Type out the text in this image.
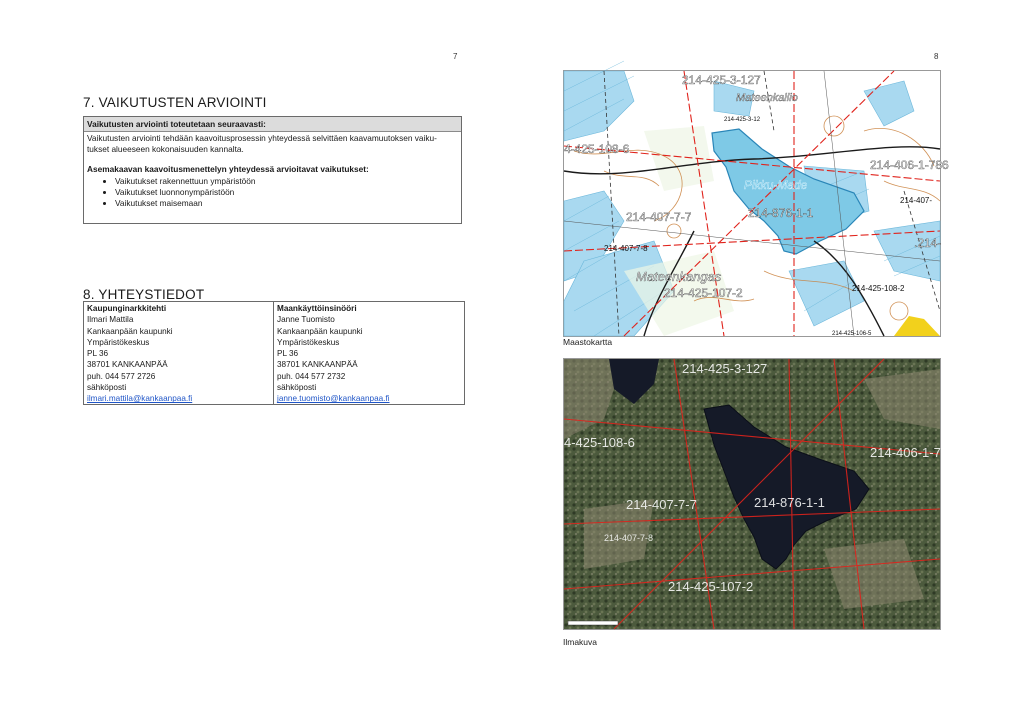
7	8
7. VAIKUTUSTEN ARVIOINTI
Vaikutusten arviointi toteutetaan seuraavasti:
Vaikutusten arviointi tehdään kaavoitusprosessin yhteydessä selvittäen kaavamuutoksen vaiku-
tukset alueeseen kokonaisuuden kannalta.
Asemakaavan kaavoitusmenettelyn yhteydessä arvioitavat vaikutukset:
• Vaikutukset rakennettuun ympäristöön
• Vaikutukset luonnonympäristöön
• Vaikutukset maisemaan
8. YHTEYSTIEDOT
Kaupunginarkkitehti
Ilmari Mattila
Kankaanpään kaupunki
Ympäristökeskus
PL 36
38701 KANKAANPÄÄ
puh. 044 577 2726
sähköposti
ilmari.mattila@kankaanpaa.fi
Maankäyttöinsinööri
Janne Tuomisto
Kankaanpään kaupunki
Ympäristökeskus
PL 36
38701 KANKAANPÄÄ
puh. 044 577 2732
sähköposti
janne.tuomisto@kankaanpaa.fi
214-425-3-127
4-425-108-6
214-406-1-786
214-407-7-7	214-876-1-1
214-425-107-2
.214-
Mateenkallio
Pikku-Made
Mateenkangas
214-407-7-8
214-425-108-2
214-407-
214-425-106-5
214-425-3-12
Maastokartta
214-425-3-127
4-425-108-6
214-406-1-78
214-876-1-1
214-407-7-7
214-407-7-8
214-425-107-2
Ilmakuva
